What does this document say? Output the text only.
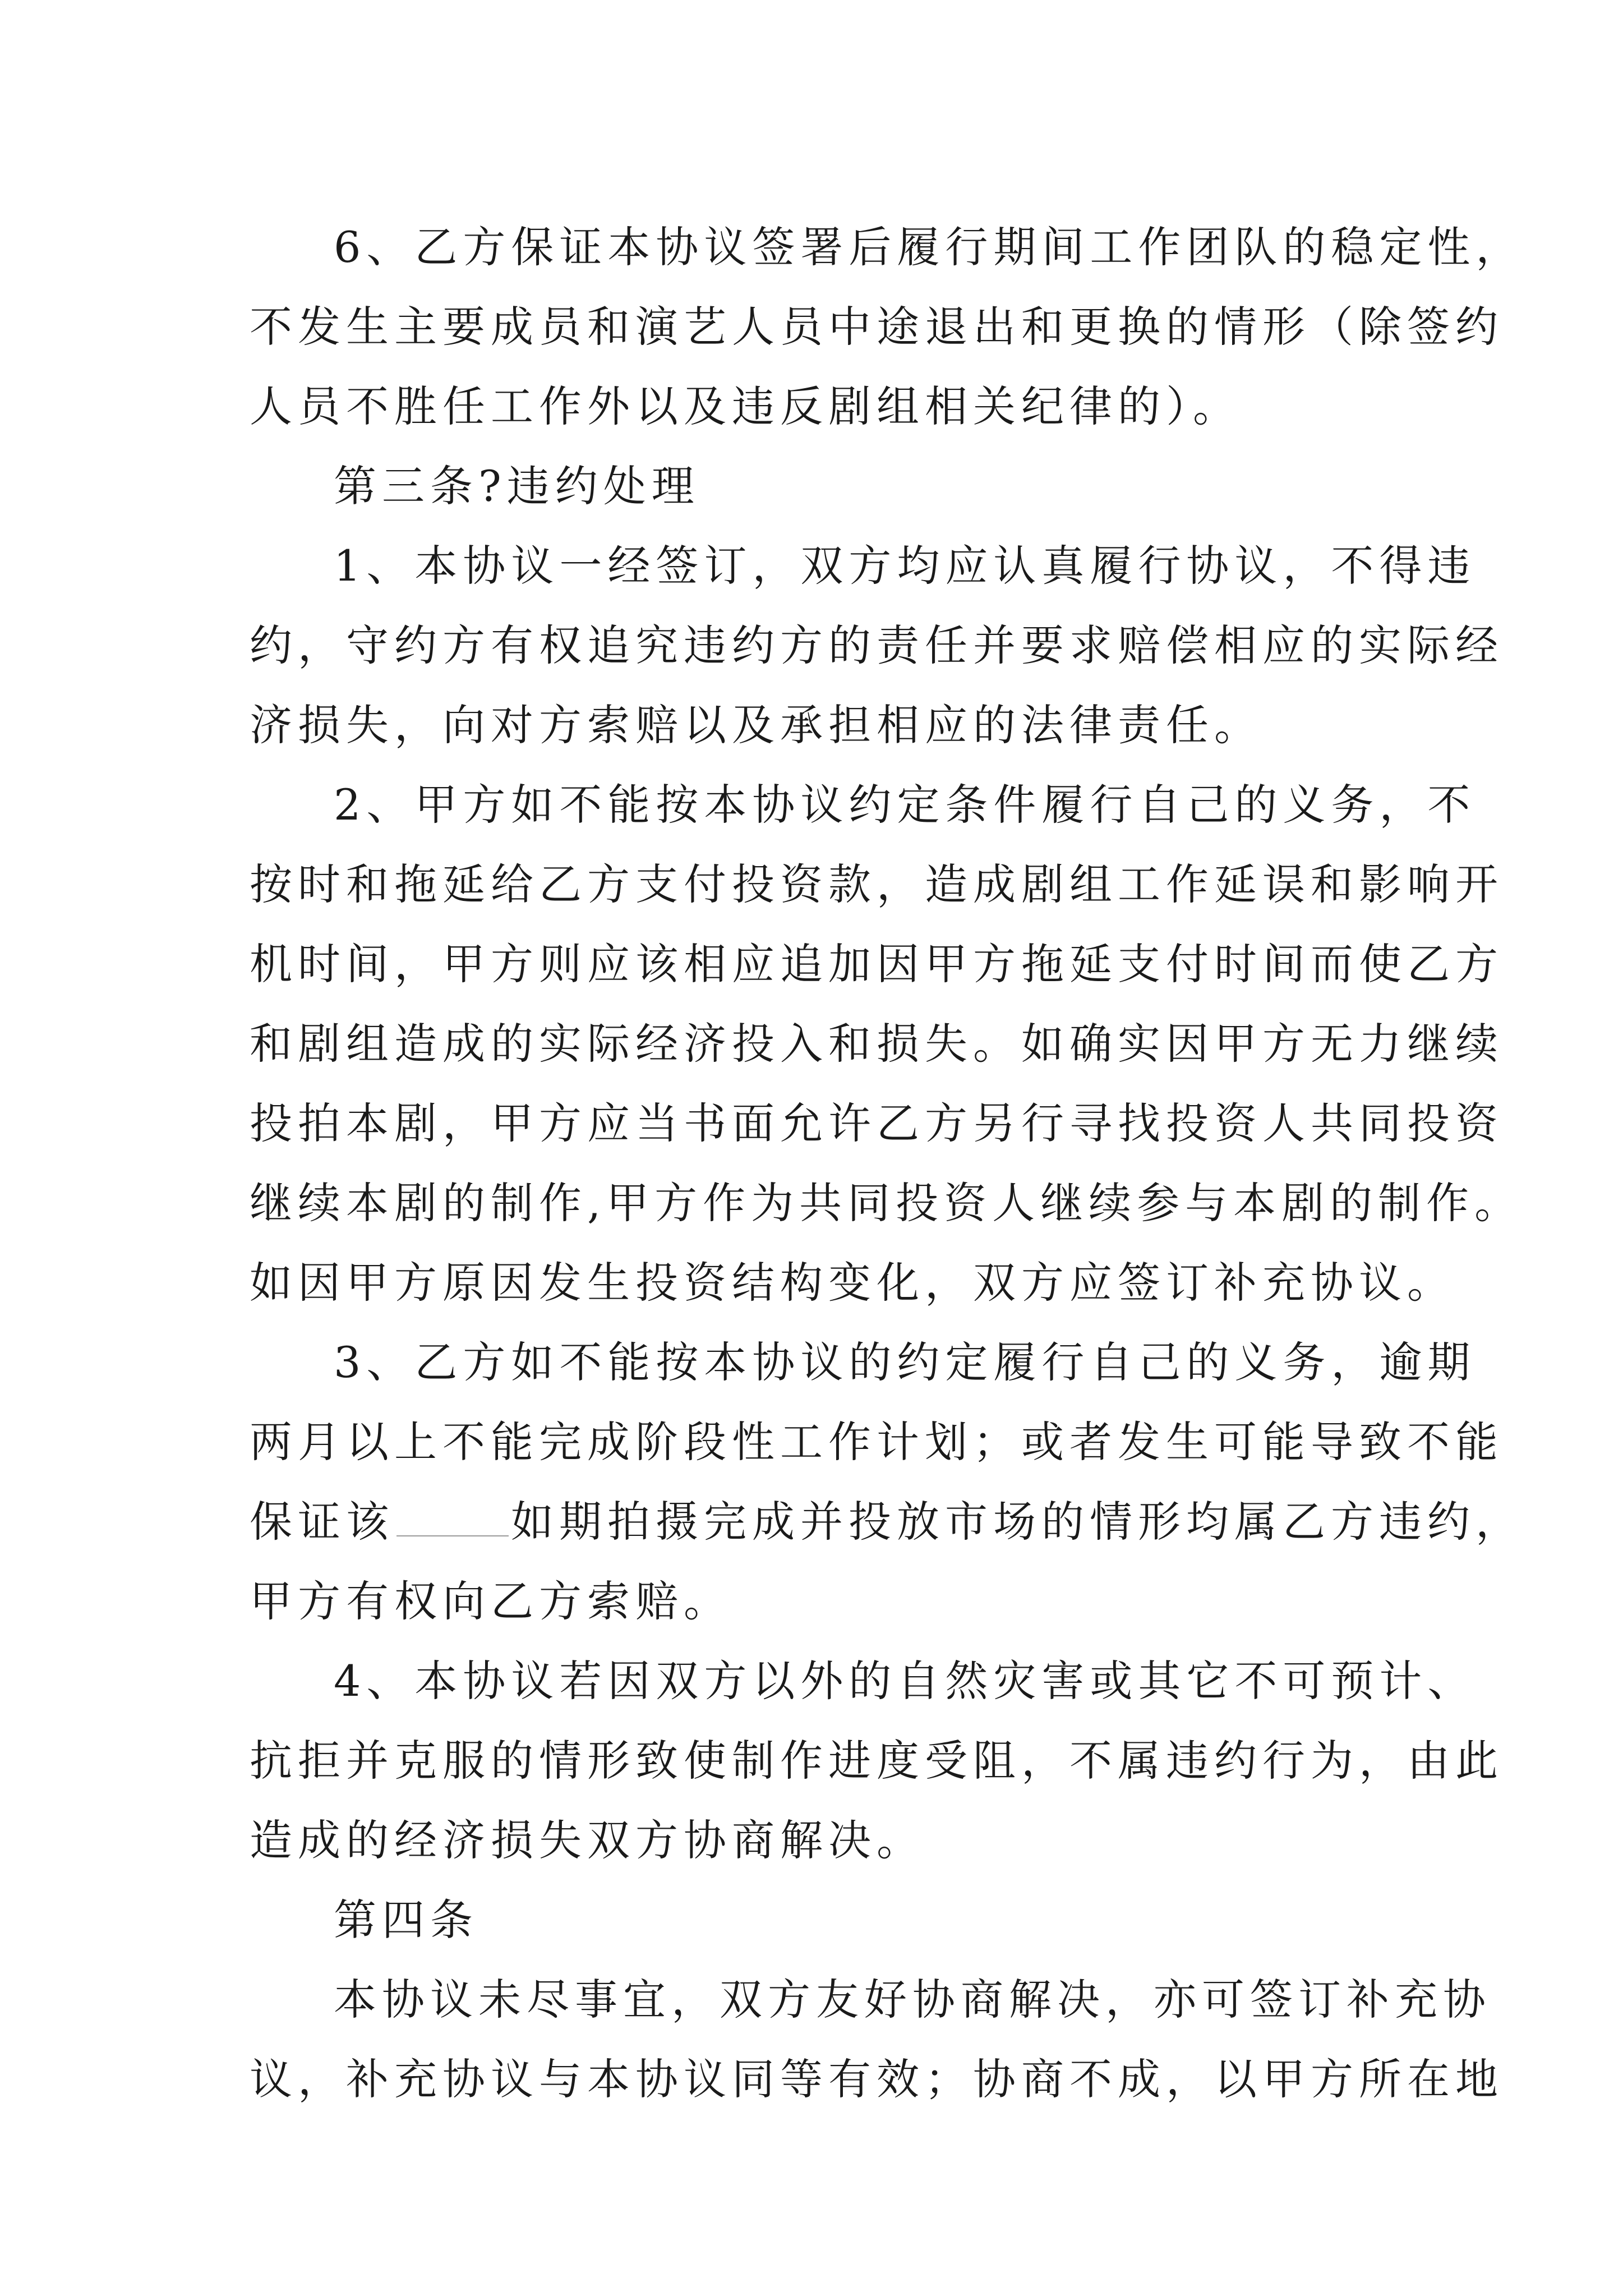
6、乙方保证本协议签署后履行期间工作团队的稳定性，
不发生主要成员和演艺人员中途退出和更换的情形（除签约
人员不胜任工作外以及违反剧组相关纪律的）。
第三条?违约处理
1、本协议一经签订，双方均应认真履行协议，不得违
约，守约方有权追究违约方的责任并要求赔偿相应的实际经
济损失，向对方索赔以及承担相应的法律责任。
2、甲方如不能按本协议约定条件履行自己的义务，不
按时和拖延给乙方支付投资款，造成剧组工作延误和影响开
机时间，甲方则应该相应追加因甲方拖延支付时间而使乙方
和剧组造成的实际经济投入和损失。如确实因甲方无力继续
投拍本剧，甲方应当书面允许乙方另行寻找投资人共同投资
继续本剧的制作,甲方作为共同投资人继续参与本剧的制作。
如因甲方原因发生投资结构变化，双方应签订补充协议。
3、乙方如不能按本协议的约定履行自己的义务，逾期
两月以上不能完成阶段性工作计划；或者发生可能导致不能
保证该	如期拍摄完成并投放市场的情形均属乙方违约，
甲方有权向乙方索赔。
4、本协议若因双方以外的自然灾害或其它不可预计、
抗拒并克服的情形致使制作进度受阻，不属违约行为，由此
造成的经济损失双方协商解决。
第四条
本协议未尽事宜，双方友好协商解决，亦可签订补充协
议，补充协议与本协议同等有效；协商不成，以甲方所在地
